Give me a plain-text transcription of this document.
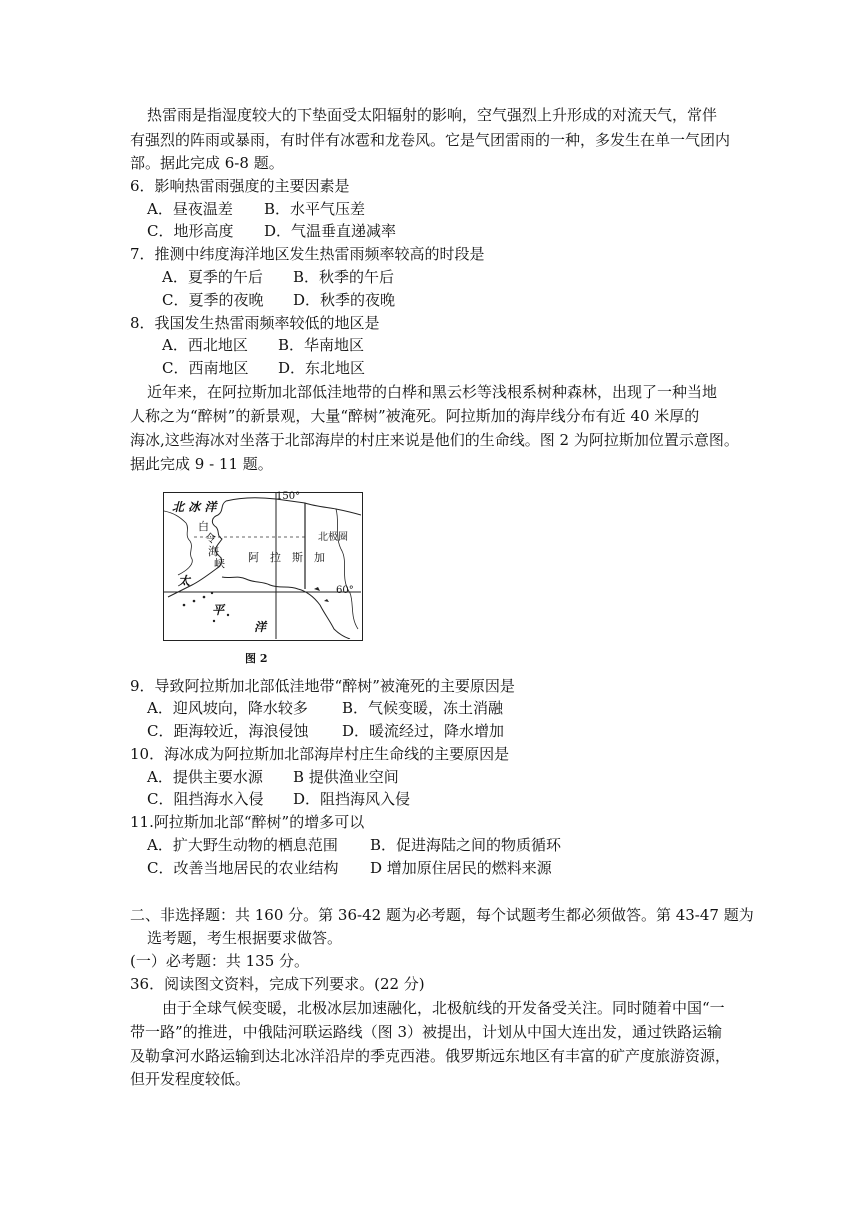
热雷雨是指湿度较大的下垫面受太阳辐射的影响，空气强烈上升形成的对流天气，常伴
有强烈的阵雨或暴雨，有时伴有冰雹和龙卷风。它是气团雷雨的一种，多发生在单一气团内
部。据此完成 6-8 题。
6．影响热雷雨强度的主要因素是
A．昼夜温差 B．水平气压差
C．地形高度 D．气温垂直递减率
7．推测中纬度海洋地区发生热雷雨频率较高的时段是
A．夏季的午后 B．秋季的午后
C．夏季的夜晚 D．秋季的夜晚
8．我国发生热雷雨频率较低的地区是
A．西北地区 B．华南地区
C．西南地区 D．东北地区
近年来，在阿拉斯加北部低洼地带的白桦和黑云杉等浅根系树种森林，出现了一种当地
人称之为“醉树”的新景观，大量“醉树”被淹死。阿拉斯加的海岸线分布有近 40 米厚的
海冰,这些海冰对坐落于北部海岸的村庄来说是他们的生命线。图 2 为阿拉斯加位置示意图。
据此完成 9 - 11 题。
北 冰 洋
150°
白
令
海
峡 阿　拉　斯　加
北极圈
太
平
洋
60°
图 2
9．导致阿拉斯加北部低洼地带“醉树”被淹死的主要原因是
A．迎风坡向，降水较多 B．气候变暖，冻土消融
C．距海较近，海浪侵蚀 D．暖流经过，降水增加
10．海冰成为阿拉斯加北部海岸村庄生命线的主要原因是
A．提供主要水源 B 提供渔业空间
C．阻挡海水入侵 D．阻挡海风入侵
11.阿拉斯加北部“醉树”的增多可以
A．扩大野生动物的栖息范围 B．促进海陆之间的物质循环
C．改善当地居民的农业结构 D 增加原住居民的燃料来源
二、非选择题：共 160 分。第 36-42 题为必考题，每个试题考生都必须做答。第 43-47 题为
选考题，考生根据要求做答。
(一）必考题：共 135 分。
36．阅读图文资料，完成下列要求。(22 分)
由于全球气候变暖，北极冰层加速融化，北极航线的开发备受关注。同时随着中国“一
带一路”的推进，中俄陆河联运路线（图 3）被提出，计划从中国大连出发，通过铁路运输
及勒拿河水路运输到达北冰洋沿岸的季克西港。俄罗斯远东地区有丰富的矿产度旅游资源，
但开发程度较低。
